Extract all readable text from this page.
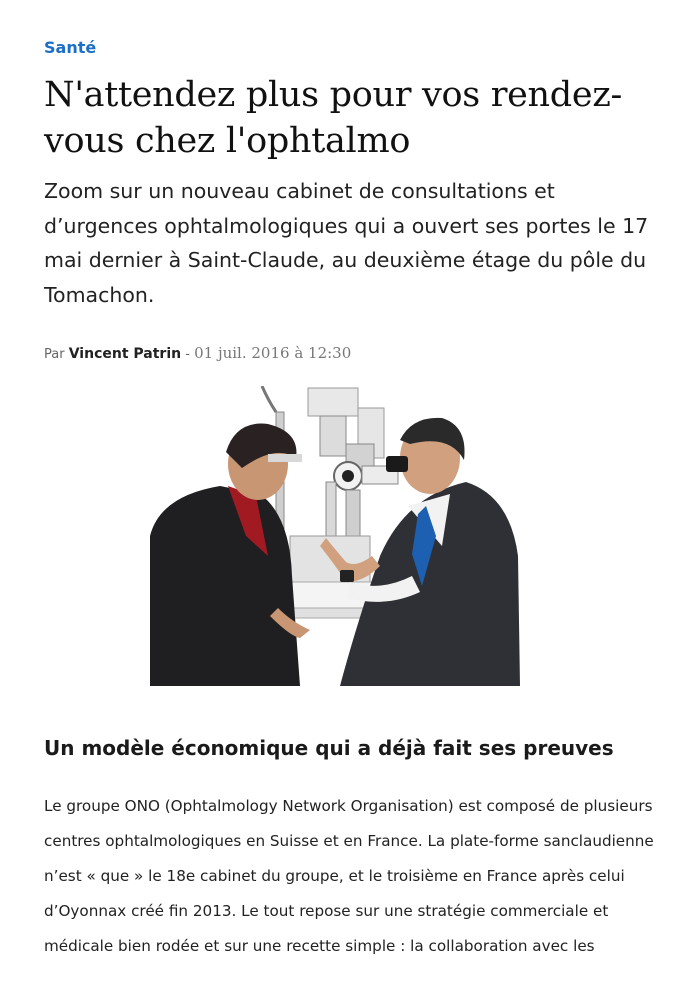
Santé
N'attendez plus pour vos rendez-vous chez l'ophtalmo

Zoom sur un nouveau cabinet de consultations et d’urgences ophtalmologiques qui a ouvert ses portes le 17 mai dernier à Saint-Claude, au deuxième étage du pôle du Tomachon.

Par Vincent Patrin - 01 juil. 2016 à 12:30
Un modèle économique qui a déjà fait ses preuves

Le groupe ONO (Ophtalmology Network Organisation) est composé de plusieurs centres ophtalmologiques en Suisse et en France. La plate-forme sanclaudienne n’est « que » le 18e cabinet du groupe, et le troisième en France après celui d’Oyonnax créé fin 2013. Le tout repose sur une stratégie commerciale et médicale bien rodée et sur une recette simple : la collaboration avec les
